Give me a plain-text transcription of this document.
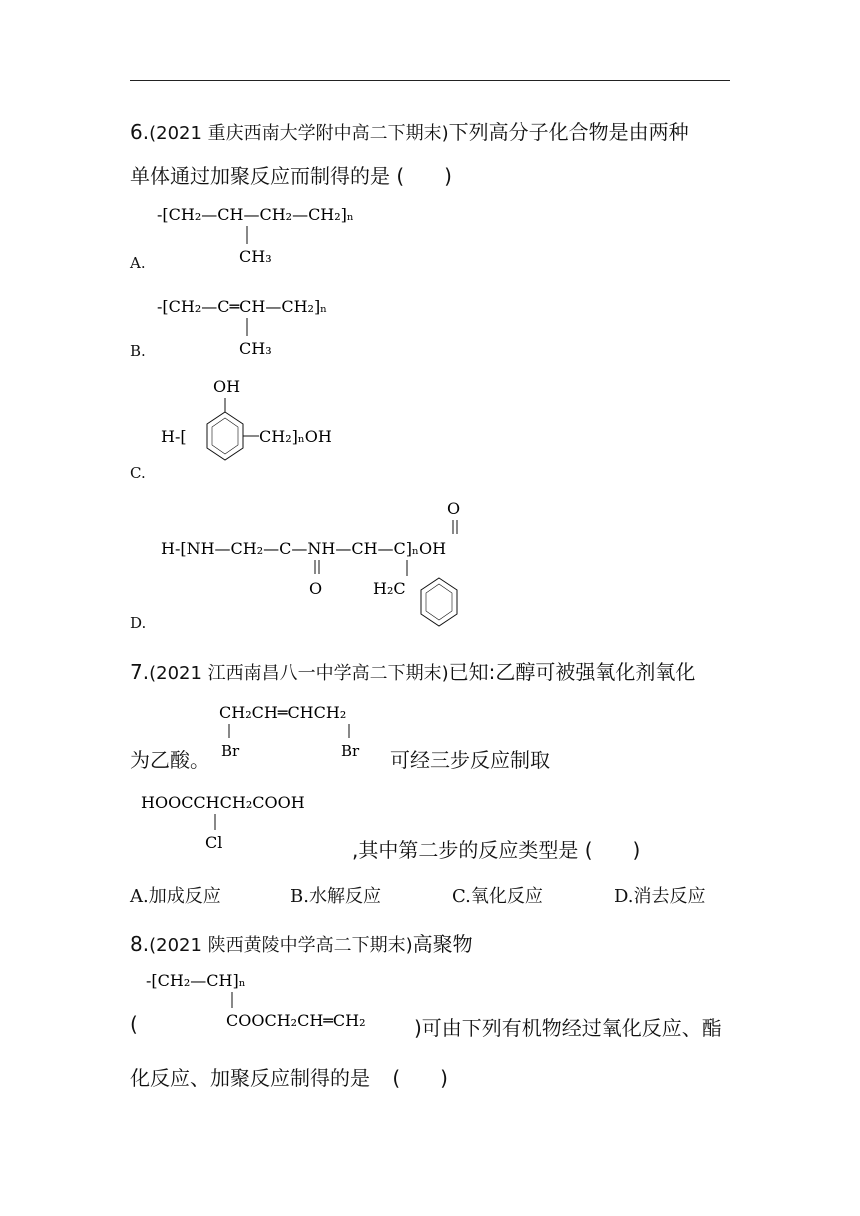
6.(2021 重庆西南大学附中高二下期末)下列高分子化合物是由两种
单体通过加聚反应而制得的是 (　　)
A.
-[CH₂—CH—CH₂—CH₂]ₙ
CH₃
B.
-[CH₂—C═CH—CH₂]ₙ
CH₃
C.
OH
H-[	CH₂]ₙOH
D.
O
H-[NH—CH₂—C—NH—CH—C]ₙOH
O	H₂C
7.(2021 江西南昌八一中学高二下期末)已知:乙醇可被强氧化剂氧化
CH₂CH═CHCH₂
Br	Br
为乙酸。	可经三步反应制取
HOOCCHCH₂COOH
Cl	,其中第二步的反应类型是 (　　)
A.加成反应	B.水解反应	C.氧化反应	D.消去反应
8.(2021 陕西黄陵中学高二下期末)高聚物
-[CH₂—CH]ₙ
COOCH₂CH═CH₂
(	)可由下列有机物经过氧化反应、酯
化反应、加聚反应制得的是 (　　)
